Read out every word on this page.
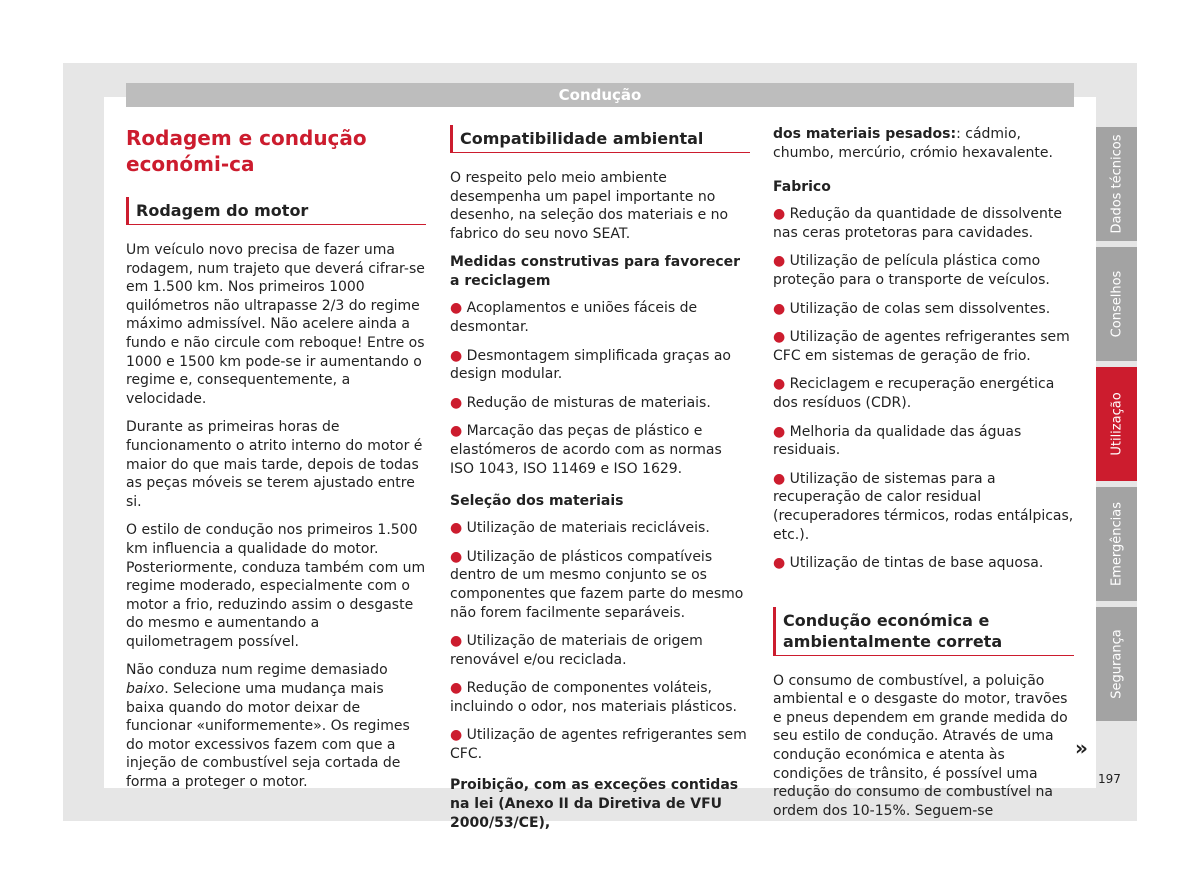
Condução
Rodagem e condução económi-ca
Rodagem do motor

Um veículo novo precisa de fazer uma rodagem, num trajeto que deverá cifrar-se em 1.500 km. Nos primeiros 1000 quilómetros não ultrapasse 2/3 do regime máximo admissível. Não acelere ainda a fundo e não circule com reboque! Entre os 1000 e 1500 km pode-se ir aumentando o regime e, consequentemente, a velocidade.

Durante as primeiras horas de funcionamento o atrito interno do motor é maior do que mais tarde, depois de todas as peças móveis se terem ajustado entre si.

O estilo de condução nos primeiros 1.500 km influencia a qualidade do motor. Posteriormente, conduza também com um regime moderado, especialmente com o motor a frio, reduzindo assim o desgaste do mesmo e aumentando a quilometragem possível.

Não conduza num regime demasiado baixo. Selecione uma mudança mais baixa quando do motor deixar de funcionar «uniformemente». Os regimes do motor excessivos fazem com que a injeção de combustível seja cortada de forma a proteger o motor.

Compatibilidade ambiental

O respeito pelo meio ambiente desempenha um papel importante no desenho, na seleção dos materiais e no fabrico do seu novo SEAT.

Medidas construtivas para favorecer a reciclagem

● Acoplamentos e uniões fáceis de desmontar.

● Desmontagem simplificada graças ao design modular.

● Redução de misturas de materiais.

● Marcação das peças de plástico e elastómeros de acordo com as normas ISO 1043, ISO 11469 e ISO 1629.

Seleção dos materiais

● Utilização de materiais recicláveis.

● Utilização de plásticos compatíveis dentro de um mesmo conjunto se os componentes que fazem parte do mesmo não forem facilmente separáveis.

● Utilização de materiais de origem renovável e/ou reciclada.

● Redução de componentes voláteis, incluindo o odor, nos materiais plásticos.

● Utilização de agentes refrigerantes sem CFC.

Proibição, com as exceções contidas na lei (Anexo II da Diretiva de VFU 2000/53/CE),

dos materiais pesados:: cádmio, chumbo, mercúrio, crómio hexavalente.

Fabrico

● Redução da quantidade de dissolvente nas ceras protetoras para cavidades.

● Utilização de película plástica como proteção para o transporte de veículos.

● Utilização de colas sem dissolventes.

● Utilização de agentes refrigerantes sem CFC em sistemas de geração de frio.

● Reciclagem e recuperação energética dos resíduos (CDR).

● Melhoria da qualidade das águas residuais.

● Utilização de sistemas para a recuperação de calor residual (recuperadores térmicos, rodas entálpicas, etc.).

● Utilização de tintas de base aquosa.

Condução económica e ambientalmente correta

O consumo de combustível, a poluição ambiental e o desgaste do motor, travões e pneus dependem em grande medida do seu estilo de condução. Através de uma condução económica e atenta às condições de trânsito, é possível uma redução do consumo de combustível na ordem dos 10-15%. Seguem-se

»
Dados técnicos
Conselhos
Utilização
Emergências
Segurança
197
